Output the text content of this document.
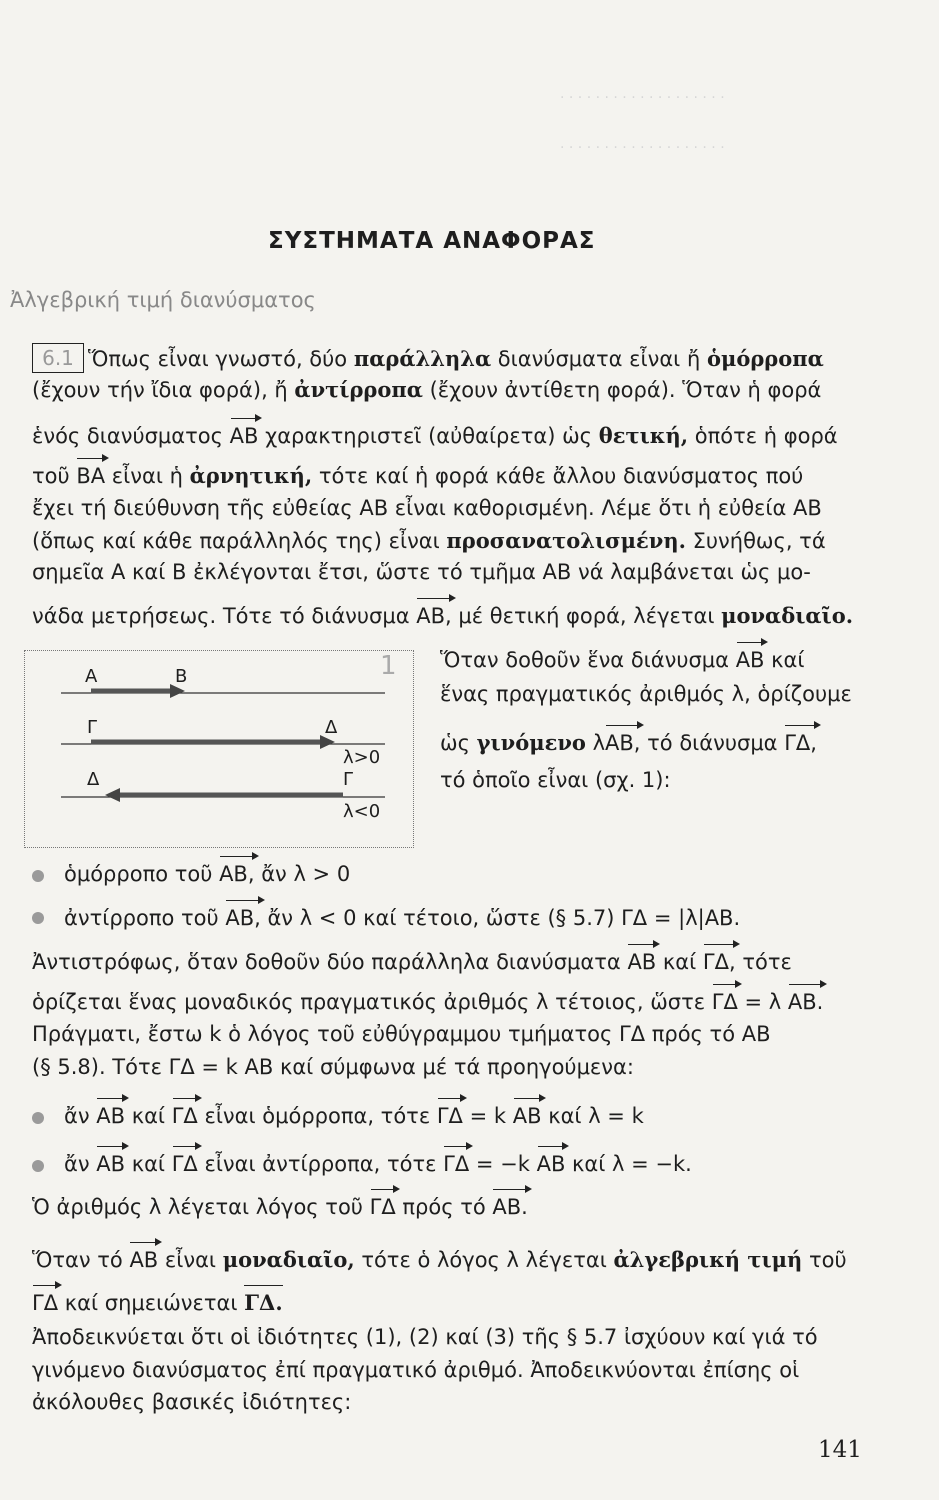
· · · · · · · · · · · · · · · · · · ·
· · · · · · · · · · · · · · · · · · ·
ΣΥΣΤΗΜΑΤΑ ΑΝΑΦΟΡΑΣ
Ἀλγεβρική τιμή διανύσματος
6.1 Ὅπως εἶναι γνωστό, δύο παράλληλα διανύσματα εἶναι ἤ ὁμόρροπα
(ἔχουν τήν ἴδια φορά), ἤ ἀντίρροπα (ἔχουν ἀντίθετη φορά). Ὅταν ἡ φορά
ἑνός διανύσματος ΑΒ χαρακτηριστεῖ (αὐθαίρετα) ὡς θετική, ὁπότε ἡ φορά
τοῦ ΒΑ εἶναι ἡ ἀρνητική, τότε καί ἡ φορά κάθε ἄλλου διανύσματος πού
ἔχει τή διεύθυνση τῆς εὐθείας ΑΒ εἶναι καθορισμένη. Λέμε ὅτι ἡ εὐθεία ΑΒ
(ὅπως καί κάθε παράλληλός της) εἶναι προσανατολισμένη. Συνήθως, τά
σημεῖα Α καί Β ἐκλέγονται ἔτσι, ὥστε τό τμῆμα ΑΒ νά λαμβάνεται ὡς μο-
νάδα μετρήσεως. Τότε τό διάνυσμα ΑΒ, μέ θετική φορά, λέγεται μοναδιαῖο.
1
Α	Β
Γ	Δ
λ>0
Δ	Γ
λ<0
Ὅταν δοθοῦν ἕνα διάνυσμα ΑΒ καί
ἕνας πραγματικός ἀριθμός λ, ὁρίζουμε
ὡς γινόμενο λΑΒ, τό διάνυσμα ΓΔ,
τό ὁποῖο εἶναι (σχ. 1):
ὁμόρροπο τοῦ ΑΒ, ἄν λ > 0
ἀντίρροπο τοῦ ΑΒ, ἄν λ < 0 καί τέτοιο, ὥστε (§ 5.7) ΓΔ = |λ|ΑΒ.
Ἀντιστρόφως, ὅταν δοθοῦν δύο παράλληλα διανύσματα ΑΒ καί ΓΔ, τότε
ὁρίζεται ἕνας μοναδικός πραγματικός ἀριθμός λ τέτοιος, ὥστε ΓΔ = λ ΑΒ.
Πράγματι, ἔστω k ὁ λόγος τοῦ εὐθύγραμμου τμήματος ΓΔ πρός τό ΑΒ
(§ 5.8). Τότε ΓΔ = k ΑΒ καί σύμφωνα μέ τά προηγούμενα:
ἄν ΑΒ καί ΓΔ εἶναι ὁμόρροπα, τότε ΓΔ = k ΑΒ καί λ = k
ἄν ΑΒ καί ΓΔ εἶναι ἀντίρροπα, τότε ΓΔ = −k ΑΒ καί λ = −k.
Ὁ ἀριθμός λ λέγεται λόγος τοῦ ΓΔ πρός τό ΑΒ.
Ὅταν τό ΑΒ εἶναι μοναδιαῖο, τότε ὁ λόγος λ λέγεται ἀλγεβρική τιμή τοῦ
ΓΔ καί σημειώνεται ΓΔ.
Ἀποδεικνύεται ὅτι οἱ ἰδιότητες (1), (2) καί (3) τῆς § 5.7 ἰσχύουν καί γιά τό
γινόμενο διανύσματος ἐπί πραγματικό ἀριθμό. Ἀποδεικνύονται ἐπίσης οἱ
ἀκόλουθες βασικές ἰδιότητες:
141
